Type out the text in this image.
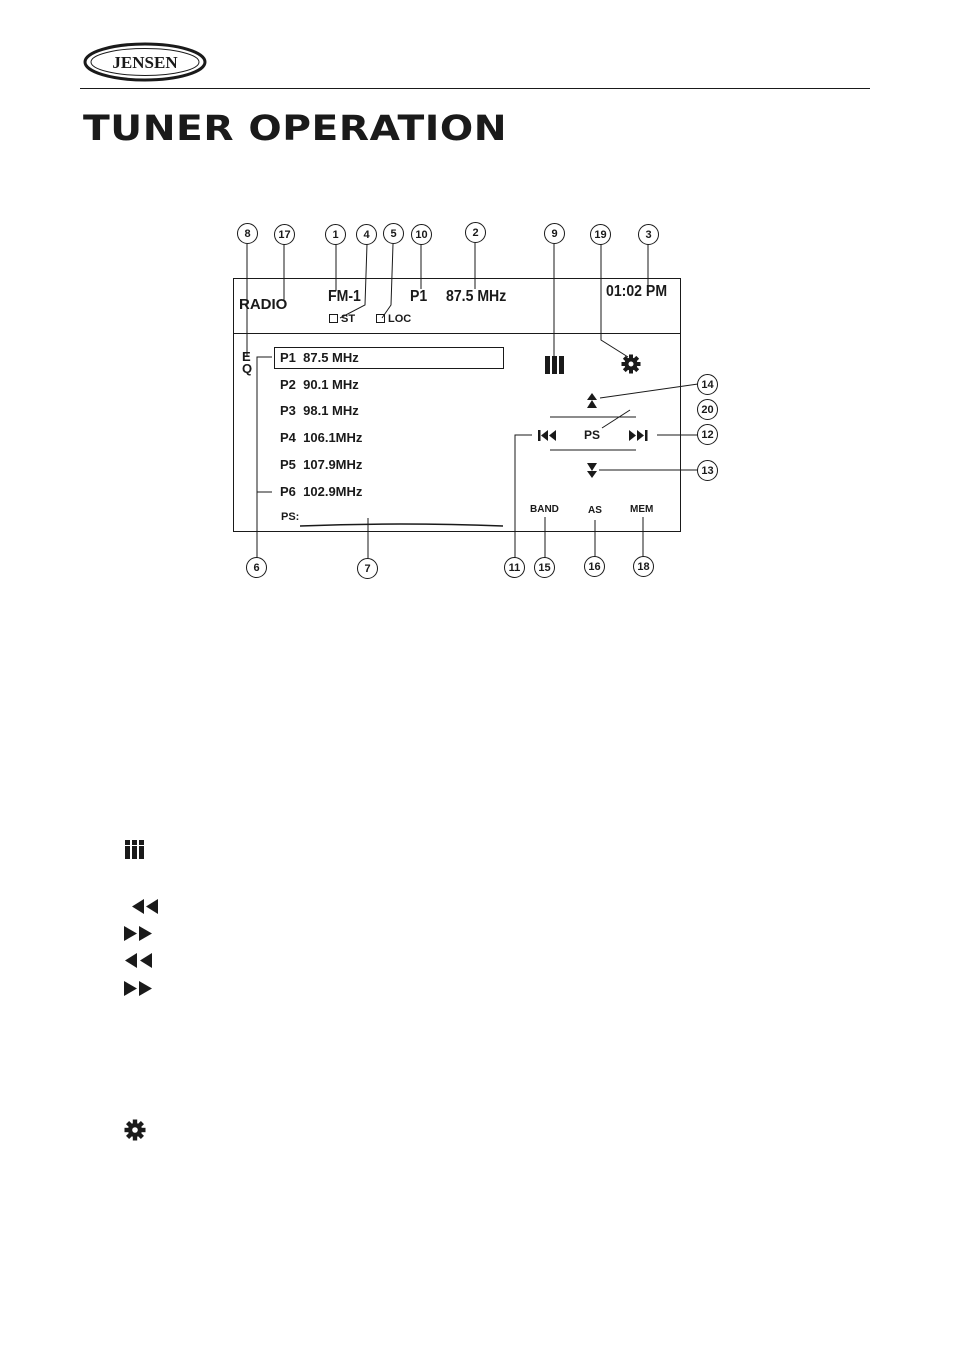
JENSEN
TUNER OPERATION
RADIO	FM-1	P1 87.5 MHz	01:02 PM
ST	LOC
E
Q
P1 87.5 MHz
P2 90.1 MHz
P3 98.1 MHz
P4 106.1MHz
P5 107.9MHz
P6 102.9MHz
PS:
PS
BAND	AS	MEM
8	17	1	4	5	10	2	9	19	3
14
20
12
13
6	7	11	15	16	18
